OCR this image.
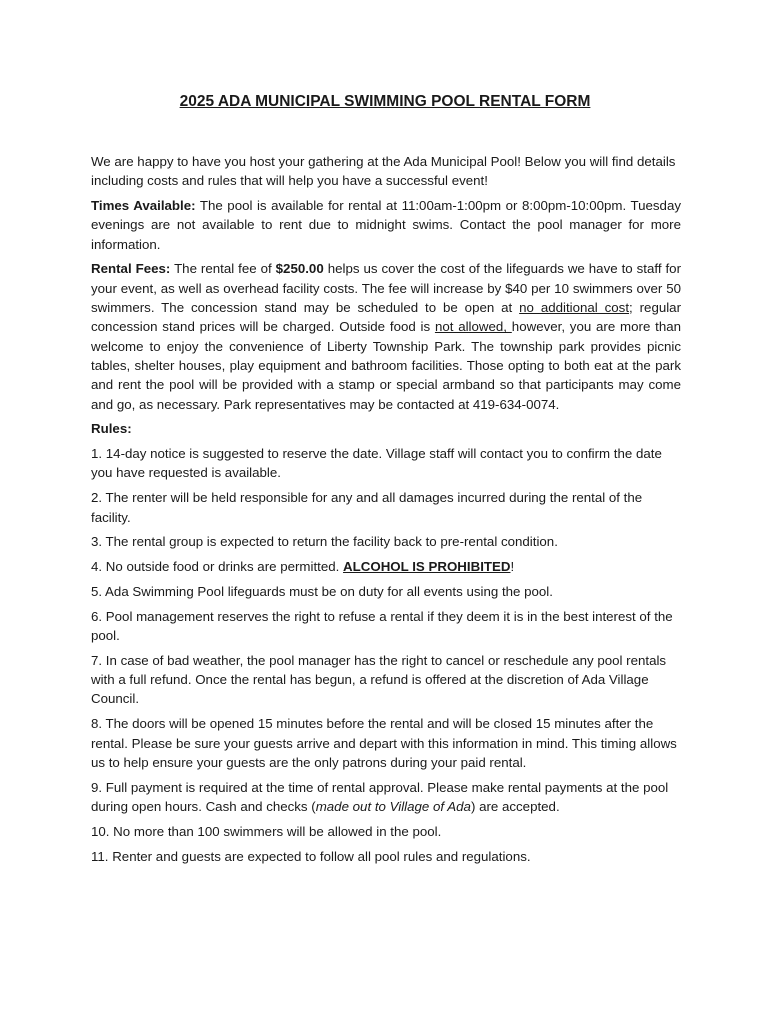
2025 ADA MUNICIPAL SWIMMING POOL RENTAL FORM

We are happy to have you host your gathering at the Ada Municipal Pool! Below you will find details including costs and rules that will help you have a successful event!

Times Available: The pool is available for rental at 11:00am-1:00pm or 8:00pm-10:00pm. Tuesday evenings are not available to rent due to midnight swims. Contact the pool manager for more information.

Rental Fees: The rental fee of $250.00 helps us cover the cost of the lifeguards we have to staff for your event, as well as overhead facility costs. The fee will increase by $40 per 10 swimmers over 50 swimmers. The concession stand may be scheduled to be open at no additional cost; regular concession stand prices will be charged. Outside food is not allowed, however, you are more than welcome to enjoy the convenience of Liberty Township Park. The township park provides picnic tables, shelter houses, play equipment and bathroom facilities. Those opting to both eat at the park and rent the pool will be provided with a stamp or special armband so that participants may come and go, as necessary. Park representatives may be contacted at 419-634-0074.

Rules:

1. 14-day notice is suggested to reserve the date. Village staff will contact you to confirm the date you have requested is available.

2. The renter will be held responsible for any and all damages incurred during the rental of the facility.

3. The rental group is expected to return the facility back to pre-rental condition.

4. No outside food or drinks are permitted. ALCOHOL IS PROHIBITED!

5. Ada Swimming Pool lifeguards must be on duty for all events using the pool.

6. Pool management reserves the right to refuse a rental if they deem it is in the best interest of the pool.

7. In case of bad weather, the pool manager has the right to cancel or reschedule any pool rentals with a full refund. Once the rental has begun, a refund is offered at the discretion of Ada Village Council.

8. The doors will be opened 15 minutes before the rental and will be closed 15 minutes after the rental. Please be sure your guests arrive and depart with this information in mind. This timing allows us to help ensure your guests are the only patrons during your paid rental.

9. Full payment is required at the time of rental approval. Please make rental payments at the pool during open hours. Cash and checks (made out to Village of Ada) are accepted.

10. No more than 100 swimmers will be allowed in the pool.

11. Renter and guests are expected to follow all pool rules and regulations.
